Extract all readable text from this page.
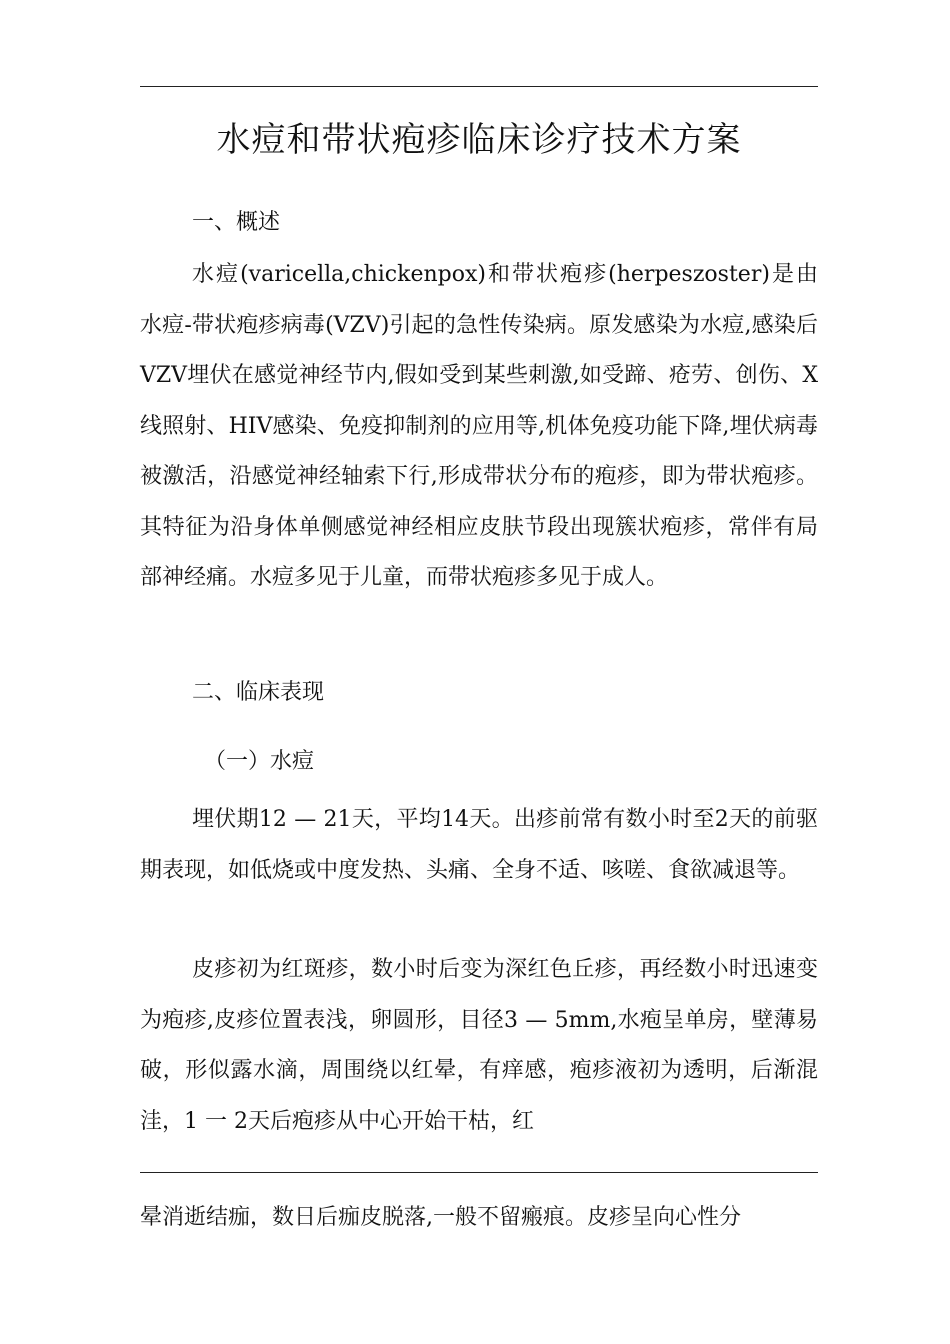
水痘和带状疱疹临床诊疗技术方案
一、概述

水痘(varicella,chickenpox)和带状疱疹(herpeszoster)是由水痘-带状疱疹病毒(VZV)引起的急性传染病。原发感染为水痘,感染后VZV埋伏在感觉神经节内,假如受到某些刺激,如受蹄、疮劳、创伤、X线照射、HIV感染、免疫抑制剂的应用等,机体免疫功能下降,埋伏病毒被激活，沿感觉神经轴索下行,形成带状分布的疱疹，即为带状疱疹。其特征为沿身体单侧感觉神经相应皮肤节段出现簇状疱疹，常伴有局部神经痛。水痘多见于儿童，而带状疱疹多见于成人。

二、临床表现
（一）水痘

埋伏期12 — 21天，平均14天。出疹前常有数小时至2天的前驱期表现，如低烧或中度发热、头痛、全身不适、咳嗟、食欲减退等。

皮疹初为红斑疹，数小时后变为深红色丘疹，再经数小时迅速变为疱疹,皮疹位置表浅，卵圆形，目径3 — 5mm,水疱呈单房，壁薄易破，形似露水滴，周围绕以红晕，有痒感，疱疹液初为透明，后渐混洼，1 一 2天后疱疹从中心开始干枯，红

晕消逝结痂，数日后痂皮脱落,一般不留瘢痕。皮疹呈向心性分
